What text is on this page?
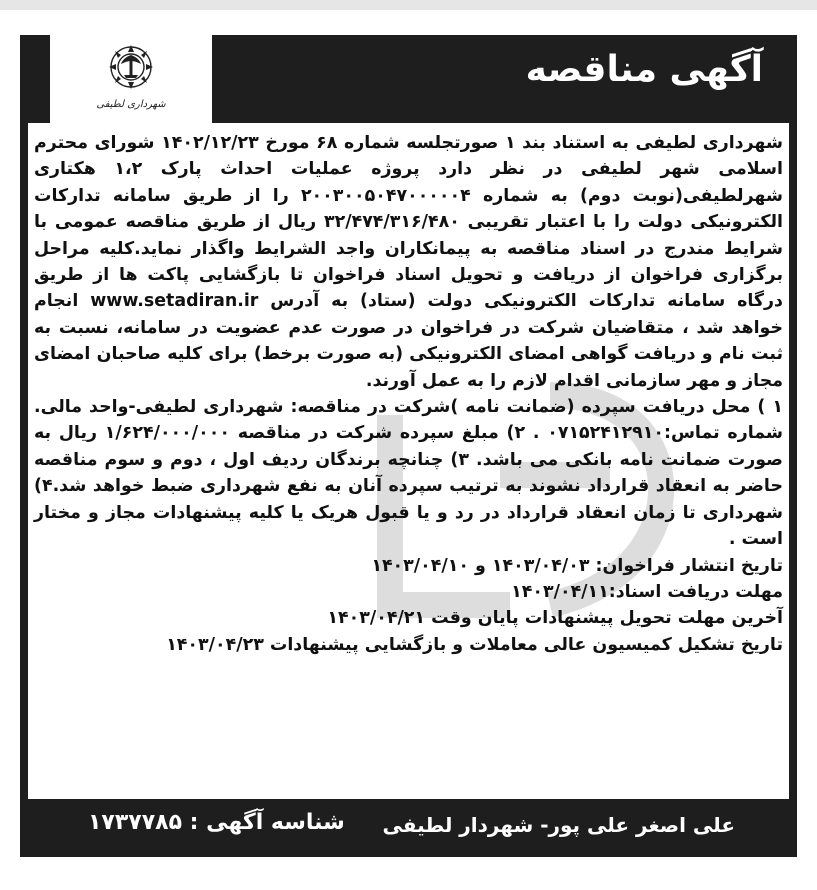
شهرداری لطیفی
آگهی مناقصه

شهرداری لطیفی به استناد بند ۱ صورتجلسه شماره ۶۸ مورخ ۱۴۰۲/۱۲/۲۳ شورای محترم اسلامی شهر لطیفی در نظر دارد پروژه عملیات احداث پارک ۱،۲ هکتاری شهرلطیفی(نوبت دوم) به شماره ۲۰۰۳۰۰۵۰۴۷۰۰۰۰۰۴ را از طریق سامانه تدارکات الکترونیکی دولت را با اعتبار تقریبی ۳۲/۴۷۴/۳۱۶/۴۸۰ ریال از طریق مناقصه عمومی با شرایط مندرج در اسناد مناقصه به پیمانکاران واجد الشرایط واگذار نماید.کلیه مراحل برگزاری فراخوان از دریافت و تحویل اسناد فراخوان تا بازگشایی پاکت ها از طریق درگاه سامانه تدارکات الکترونیکی دولت (ستاد) به آدرس www.setadiran.ir انجام خواهد شد ، متقاضیان شرکت در فراخوان در صورت عدم عضویت در سامانه، نسبت به ثبت نام و دریافت گواهی امضای الکترونیکی (به صورت برخط) برای کلیه صاحبان امضای مجاز و مهر سازمانی اقدام لازم را به عمل آورند.

۱ ) محل دریافت سپرده (ضمانت نامه )شرکت در مناقصه: شهرداری لطیفی-واحد مالی. شماره تماس:۰۷۱۵۲۴۱۲۹۱۰ . ۲) مبلغ سپرده شرکت در مناقصه ۱/۶۲۴/۰۰۰/۰۰۰ ریال به صورت ضمانت نامه بانکی می باشد. ۳) چنانچه برندگان ردیف اول ، دوم و سوم مناقصه حاضر به انعقاد قرارداد نشوند به ترتیب سپرده آنان به نفع شهرداری ضبط خواهد شد.۴) شهرداری تا زمان انعقاد قرارداد در رد و یا قبول هریک یا کلیه پیشنهادات مجاز و مختار است .

تاریخ انتشار فراخوان: ۱۴۰۳/۰۴/۰۳ و ۱۴۰۳/۰۴/۱۰

مهلت دریافت اسناد:۱۴۰۳/۰۴/۱۱

آخرین مهلت تحویل پیشنهادات پایان وقت ۱۴۰۳/۰۴/۲۱

تاریخ تشکیل کمیسیون عالی معاملات و بازگشایی پیشنهادات ۱۴۰۳/۰۴/۲۳

علی اصغر علی پور- شهردار لطیفی
شناسه آگهی : ۱۷۳۷۷۸۵
